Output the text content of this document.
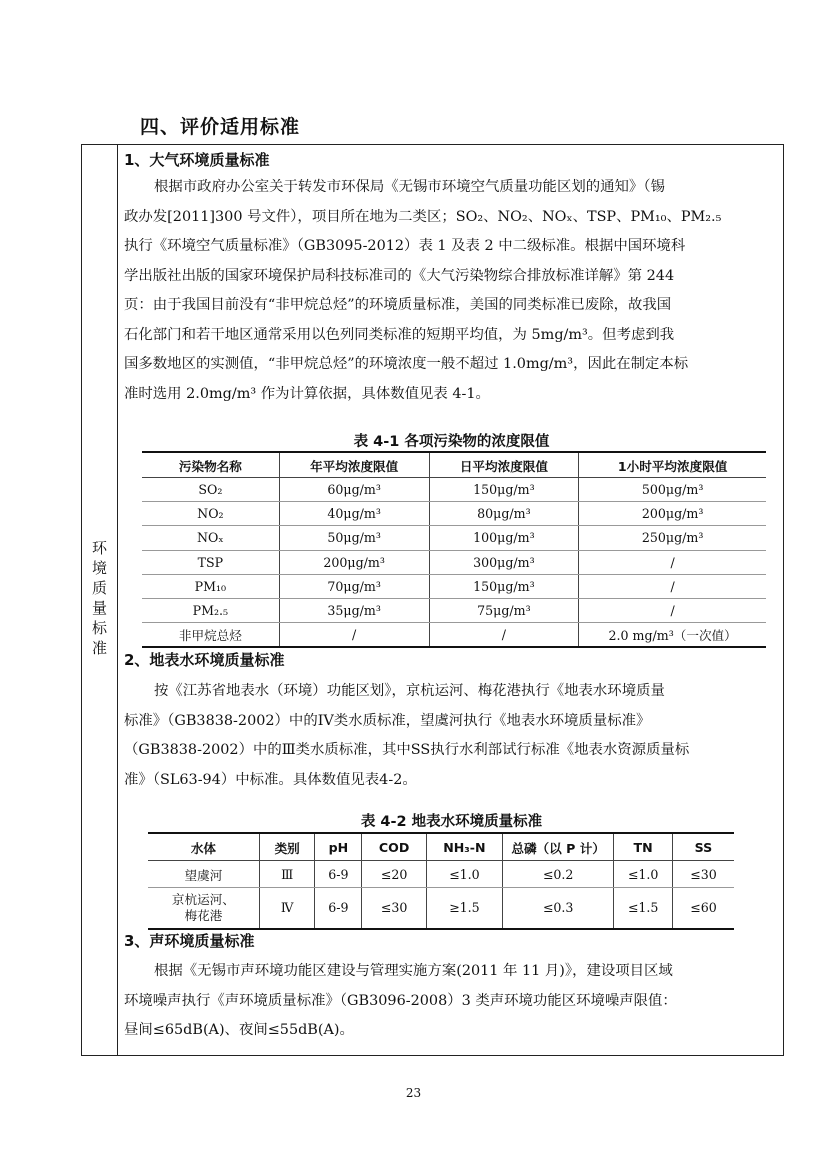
四、评价适用标准
环境质量标准
1、大气环境质量标准
根据市政府办公室关于转发市环保局《无锡市环境空气质量功能区划的通知》（锡
政办发[2011]300 号文件），项目所在地为二类区；SO₂、NO₂、NOₓ、TSP、PM₁₀、PM₂.₅
执行《环境空气质量标准》（GB3095-2012）表 1 及表 2 中二级标准。根据中国环境科
学出版社出版的国家环境保护局科技标准司的《大气污染物综合排放标准详解》第 244
页：由于我国目前没有“非甲烷总烃”的环境质量标准，美国的同类标准已废除，故我国
石化部门和若干地区通常采用以色列同类标准的短期平均值，为 5mg/m³。但考虑到我
国多数地区的实测值，“非甲烷总烃”的环境浓度一般不超过 1.0mg/m³，因此在制定本标
准时选用 2.0mg/m³ 作为计算依据，具体数值见表 4-1。
表 4-1 各项污染物的浓度限值
污染物名称	年平均浓度限值	日平均浓度限值	1小时平均浓度限值
SO₂	60μg/m³	150μg/m³	500μg/m³
NO₂	40μg/m³	80μg/m³	200μg/m³
NOₓ	50μg/m³	100μg/m³	250μg/m³
TSP	200μg/m³	300μg/m³	/
PM₁₀	70μg/m³	150μg/m³	/
PM₂.₅	35μg/m³	75μg/m³	/
非甲烷总烃	/	/	2.0 mg/m³（一次值）
2、地表水环境质量标准
按《江苏省地表水（环境）功能区划》，京杭运河、梅花港执行《地表水环境质量
标准》（GB3838-2002）中的IV类水质标准，望虞河执行《地表水环境质量标准》
（GB3838-2002）中的Ⅲ类水质标准，其中SS执行水利部试行标准《地表水资源质量标
准》（SL63-94）中标准。具体数值见表4-2。
表 4-2 地表水环境质量标准
水体	类别	pH	COD	NH₃-N	总磷（以 P 计）	TN	SS
望虞河	Ⅲ	6-9	≤20	≤1.0	≤0.2	≤1.0	≤30
京杭运河、梅花港	Ⅳ	6-9	≤30	≥1.5	≤0.3	≤1.5	≤60
3、声环境质量标准
根据《无锡市声环境功能区建设与管理实施方案(2011 年 11 月)》，建设项目区域
环境噪声执行《声环境质量标准》（GB3096-2008）3 类声环境功能区环境噪声限值：
昼间≤65dB(A)、夜间≤55dB(A)。
23
